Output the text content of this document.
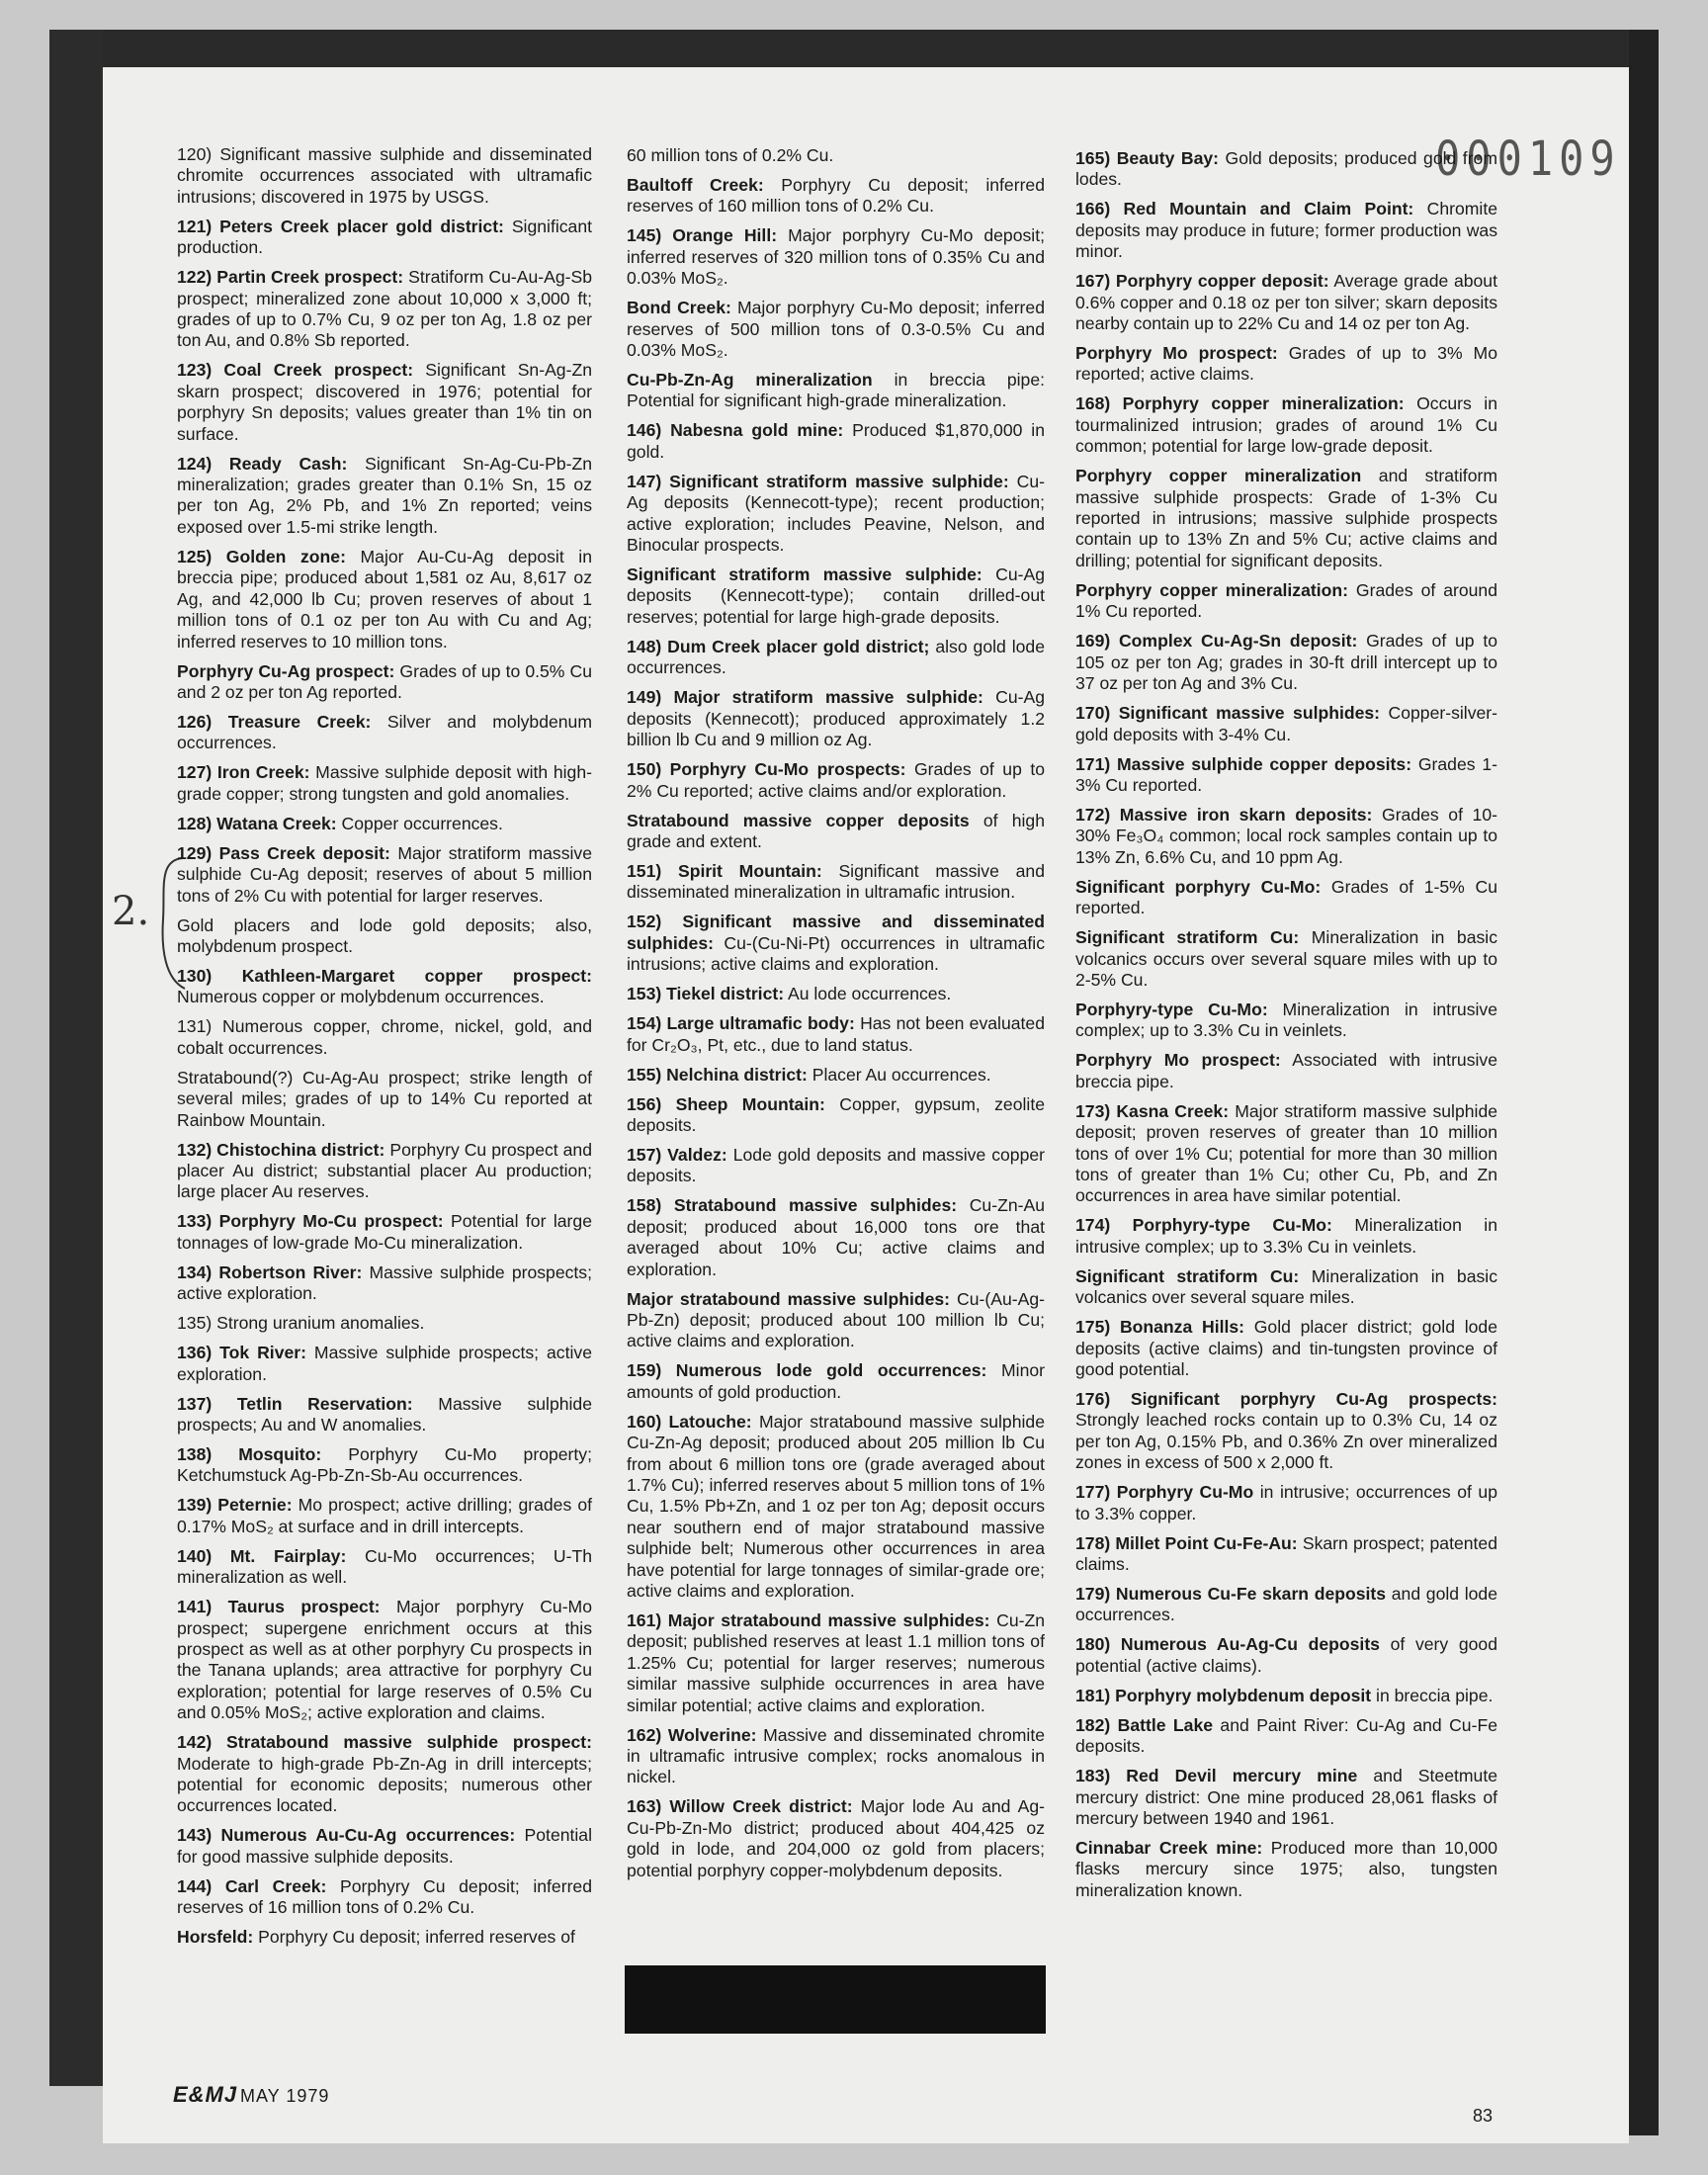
000109
2.

120) Significant massive sulphide and disseminated chromite occurrences associated with ultramafic intrusions; discovered in 1975 by USGS.

121) Peters Creek placer gold district: Significant production.

122) Partin Creek prospect: Stratiform Cu-Au-Ag-Sb prospect; mineralized zone about 10,000 x 3,000 ft; grades of up to 0.7% Cu, 9 oz per ton Ag, 1.8 oz per ton Au, and 0.8% Sb reported.

123) Coal Creek prospect: Significant Sn-Ag-Zn skarn prospect; discovered in 1976; potential for porphyry Sn deposits; values greater than 1% tin on surface.

124) Ready Cash: Significant Sn-Ag-Cu-Pb-Zn mineralization; grades greater than 0.1% Sn, 15 oz per ton Ag, 2% Pb, and 1% Zn reported; veins exposed over 1.5-mi strike length.

125) Golden zone: Major Au-Cu-Ag deposit in breccia pipe; produced about 1,581 oz Au, 8,617 oz Ag, and 42,000 lb Cu; proven reserves of about 1 million tons of 0.1 oz per ton Au with Cu and Ag; inferred reserves to 10 million tons.

Porphyry Cu-Ag prospect: Grades of up to 0.5% Cu and 2 oz per ton Ag reported.

126) Treasure Creek: Silver and molybdenum occurrences.

127) Iron Creek: Massive sulphide deposit with high-grade copper; strong tungsten and gold anomalies.

128) Watana Creek: Copper occurrences.

129) Pass Creek deposit: Major stratiform massive sulphide Cu-Ag deposit; reserves of about 5 million tons of 2% Cu with potential for larger reserves.

Gold placers and lode gold deposits; also, molybdenum prospect.

130) Kathleen-Margaret copper prospect: Numerous copper or molybdenum occurrences.

131) Numerous copper, chrome, nickel, gold, and cobalt occurrences.

Stratabound(?) Cu-Ag-Au prospect; strike length of several miles; grades of up to 14% Cu reported at Rainbow Mountain.

132) Chistochina district: Porphyry Cu prospect and placer Au district; substantial placer Au production; large placer Au reserves.

133) Porphyry Mo-Cu prospect: Potential for large tonnages of low-grade Mo-Cu mineralization.

134) Robertson River: Massive sulphide prospects; active exploration.

135) Strong uranium anomalies.

136) Tok River: Massive sulphide prospects; active exploration.

137) Tetlin Reservation: Massive sulphide prospects; Au and W anomalies.

138) Mosquito: Porphyry Cu-Mo property; Ketchumstuck Ag-Pb-Zn-Sb-Au occurrences.

139) Peternie: Mo prospect; active drilling; grades of 0.17% MoS₂ at surface and in drill intercepts.

140) Mt. Fairplay: Cu-Mo occurrences; U-Th mineralization as well.

141) Taurus prospect: Major porphyry Cu-Mo prospect; supergene enrichment occurs at this prospect as well as at other porphyry Cu prospects in the Tanana uplands; area attractive for porphyry Cu exploration; potential for large reserves of 0.5% Cu and 0.05% MoS₂; active exploration and claims.

142) Stratabound massive sulphide prospect: Moderate to high-grade Pb-Zn-Ag in drill intercepts; potential for economic deposits; numerous other occurrences located.

143) Numerous Au-Cu-Ag occurrences: Potential for good massive sulphide deposits.

144) Carl Creek: Porphyry Cu deposit; inferred reserves of 16 million tons of 0.2% Cu.

Horsfeld: Porphyry Cu deposit; inferred reserves of

60 million tons of 0.2% Cu.

Baultoff Creek: Porphyry Cu deposit; inferred reserves of 160 million tons of 0.2% Cu.

145) Orange Hill: Major porphyry Cu-Mo deposit; inferred reserves of 320 million tons of 0.35% Cu and 0.03% MoS₂.

Bond Creek: Major porphyry Cu-Mo deposit; inferred reserves of 500 million tons of 0.3-0.5% Cu and 0.03% MoS₂.

Cu-Pb-Zn-Ag mineralization in breccia pipe: Potential for significant high-grade mineralization.

146) Nabesna gold mine: Produced $1,870,000 in gold.

147) Significant stratiform massive sulphide: Cu-Ag deposits (Kennecott-type); recent production; active exploration; includes Peavine, Nelson, and Binocular prospects.

Significant stratiform massive sulphide: Cu-Ag deposits (Kennecott-type); contain drilled-out reserves; potential for large high-grade deposits.

148) Dum Creek placer gold district; also gold lode occurrences.

149) Major stratiform massive sulphide: Cu-Ag deposits (Kennecott); produced approximately 1.2 billion lb Cu and 9 million oz Ag.

150) Porphyry Cu-Mo prospects: Grades of up to 2% Cu reported; active claims and/or exploration.

Stratabound massive copper deposits of high grade and extent.

151) Spirit Mountain: Significant massive and disseminated mineralization in ultramafic intrusion.

152) Significant massive and disseminated sulphides: Cu-(Cu-Ni-Pt) occurrences in ultramafic intrusions; active claims and exploration.

153) Tiekel district: Au lode occurrences.

154) Large ultramafic body: Has not been evaluated for Cr₂O₃, Pt, etc., due to land status.

155) Nelchina district: Placer Au occurrences.

156) Sheep Mountain: Copper, gypsum, zeolite deposits.

157) Valdez: Lode gold deposits and massive copper deposits.

158) Stratabound massive sulphides: Cu-Zn-Au deposit; produced about 16,000 tons ore that averaged about 10% Cu; active claims and exploration.

Major stratabound massive sulphides: Cu-(Au-Ag-Pb-Zn) deposit; produced about 100 million lb Cu; active claims and exploration.

159) Numerous lode gold occurrences: Minor amounts of gold production.

160) Latouche: Major stratabound massive sulphide Cu-Zn-Ag deposit; produced about 205 million lb Cu from about 6 million tons ore (grade averaged about 1.7% Cu); inferred reserves about 5 million tons of 1% Cu, 1.5% Pb+Zn, and 1 oz per ton Ag; deposit occurs near southern end of major stratabound massive sulphide belt; Numerous other occurrences in area have potential for large tonnages of similar-grade ore; active claims and exploration.

161) Major stratabound massive sulphides: Cu-Zn deposit; published reserves at least 1.1 million tons of 1.25% Cu; potential for larger reserves; numerous similar massive sulphide occurrences in area have similar potential; active claims and exploration.

162) Wolverine: Massive and disseminated chromite in ultramafic intrusive complex; rocks anomalous in nickel.

163) Willow Creek district: Major lode Au and Ag-Cu-Pb-Zn-Mo district; produced about 404,425 oz gold in lode, and 204,000 oz gold from placers; potential porphyry copper-molybdenum deposits.

165) Beauty Bay: Gold deposits; produced gold from lodes.

166) Red Mountain and Claim Point: Chromite deposits may produce in future; former production was minor.

167) Porphyry copper deposit: Average grade about 0.6% copper and 0.18 oz per ton silver; skarn deposits nearby contain up to 22% Cu and 14 oz per ton Ag.

Porphyry Mo prospect: Grades of up to 3% Mo reported; active claims.

168) Porphyry copper mineralization: Occurs in tourmalinized intrusion; grades of around 1% Cu common; potential for large low-grade deposit.

Porphyry copper mineralization and stratiform massive sulphide prospects: Grade of 1-3% Cu reported in intrusions; massive sulphide prospects contain up to 13% Zn and 5% Cu; active claims and drilling; potential for significant deposits.

Porphyry copper mineralization: Grades of around 1% Cu reported.

169) Complex Cu-Ag-Sn deposit: Grades of up to 105 oz per ton Ag; grades in 30-ft drill intercept up to 37 oz per ton Ag and 3% Cu.

170) Significant massive sulphides: Copper-silver-gold deposits with 3-4% Cu.

171) Massive sulphide copper deposits: Grades 1-3% Cu reported.

172) Massive iron skarn deposits: Grades of 10-30% Fe₃O₄ common; local rock samples contain up to 13% Zn, 6.6% Cu, and 10 ppm Ag.

Significant porphyry Cu-Mo: Grades of 1-5% Cu reported.

Significant stratiform Cu: Mineralization in basic volcanics occurs over several square miles with up to 2-5% Cu.

Porphyry-type Cu-Mo: Mineralization in intrusive complex; up to 3.3% Cu in veinlets.

Porphyry Mo prospect: Associated with intrusive breccia pipe.

173) Kasna Creek: Major stratiform massive sulphide deposit; proven reserves of greater than 10 million tons of over 1% Cu; potential for more than 30 million tons of greater than 1% Cu; other Cu, Pb, and Zn occurrences in area have similar potential.

174) Porphyry-type Cu-Mo: Mineralization in intrusive complex; up to 3.3% Cu in veinlets.

Significant stratiform Cu: Mineralization in basic volcanics over several square miles.

175) Bonanza Hills: Gold placer district; gold lode deposits (active claims) and tin-tungsten province of good potential.

176) Significant porphyry Cu-Ag prospects: Strongly leached rocks contain up to 0.3% Cu, 14 oz per ton Ag, 0.15% Pb, and 0.36% Zn over mineralized zones in excess of 500 x 2,000 ft.

177) Porphyry Cu-Mo in intrusive; occurrences of up to 3.3% copper.

178) Millet Point Cu-Fe-Au: Skarn prospect; patented claims.

179) Numerous Cu-Fe skarn deposits and gold lode occurrences.

180) Numerous Au-Ag-Cu deposits of very good potential (active claims).

181) Porphyry molybdenum deposit in breccia pipe.

182) Battle Lake and Paint River: Cu-Ag and Cu-Fe deposits.

183) Red Devil mercury mine and Steetmute mercury district: One mine produced 28,061 flasks of mercury between 1940 and 1961.

Cinnabar Creek mine: Produced more than 10,000 flasks mercury since 1975; also, tungsten mineralization known.

E&MJ MAY 1979
83
